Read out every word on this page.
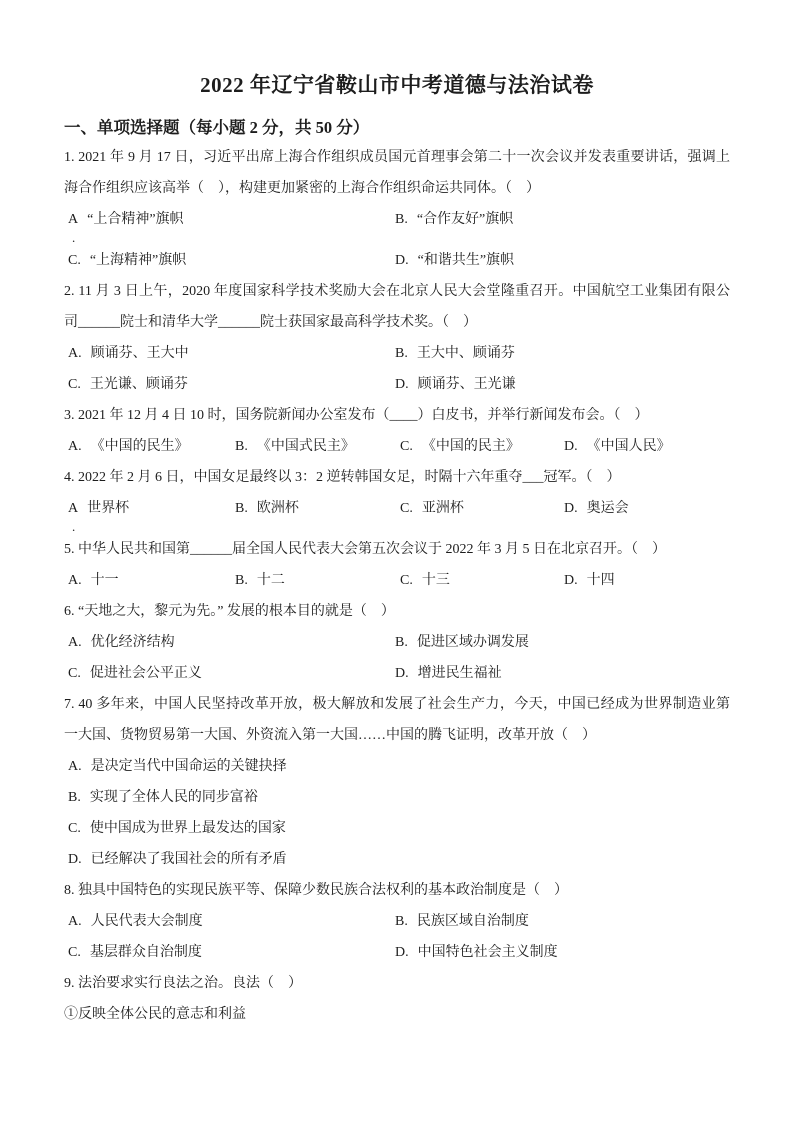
2022 年辽宁省鞍山市中考道德与法治试卷
一、单项选择题（每小题 2 分，共 50 分）
1. 2021 年 9 月 17 日，习近平出席上海合作组织成员国元首理事会第二十一次会议并发表重要讲话，强调上
海合作组织应该高举（　），构建更加紧密的上海合作组织命运共同体。（　）
A “上合精神”旗帜	B. “合作友好”旗帜
.
C. “上海精神”旗帜	D. “和谐共生”旗帜
2. 11 月 3 日上午，2020 年度国家科学技术奖励大会在北京人民大会堂隆重召开。中国航空工业集团有限公
司______院士和清华大学______院士获国家最高科学技术奖。（　）
A. 顾诵芬、王大中	B. 王大中、顾诵芬
C. 王光谦、顾诵芬	D. 顾诵芬、王光谦
3. 2021 年 12 月 4 日 10 时，国务院新闻办公室发布（____）白皮书，并举行新闻发布会。（　）
A. 《中国的民生》	B. 《中国式民主》	C. 《中国的民主》	D. 《中国人民》
4. 2022 年 2 月 6 日，中国女足最终以 3：2 逆转韩国女足，时隔十六年重夺___冠军。（　）
A 世界杯	B. 欧洲杯	C. 亚洲杯	D. 奥运会
.
5. 中华人民共和国第______届全国人民代表大会第五次会议于 2022 年 3 月 5 日在北京召开。（　）
A. 十一	B. 十二	C. 十三	D. 十四
6. “天地之大，黎元为先。” 发展的根本目的就是（　）
A. 优化经济结构	B. 促进区域办调发展
C. 促进社会公平正义	D. 增进民生福祉
7. 40 多年来，中国人民坚持改革开放，极大解放和发展了社会生产力，今天，中国已经成为世界制造业第
一大国、货物贸易第一大国、外资流入第一大国……中国的腾飞证明，改革开放（　）
A. 是决定当代中国命运的关键抉择
B. 实现了全体人民的同步富裕
C. 使中国成为世界上最发达的国家
D. 已经解决了我国社会的所有矛盾
8. 独具中国特色的实现民族平等、保障少数民族合法权利的基本政治制度是（　）
A. 人民代表大会制度	B. 民族区域自治制度
C. 基层群众自治制度	D. 中国特色社会主义制度
9. 法治要求实行良法之治。良法（　）
①反映全体公民的意志和利益
